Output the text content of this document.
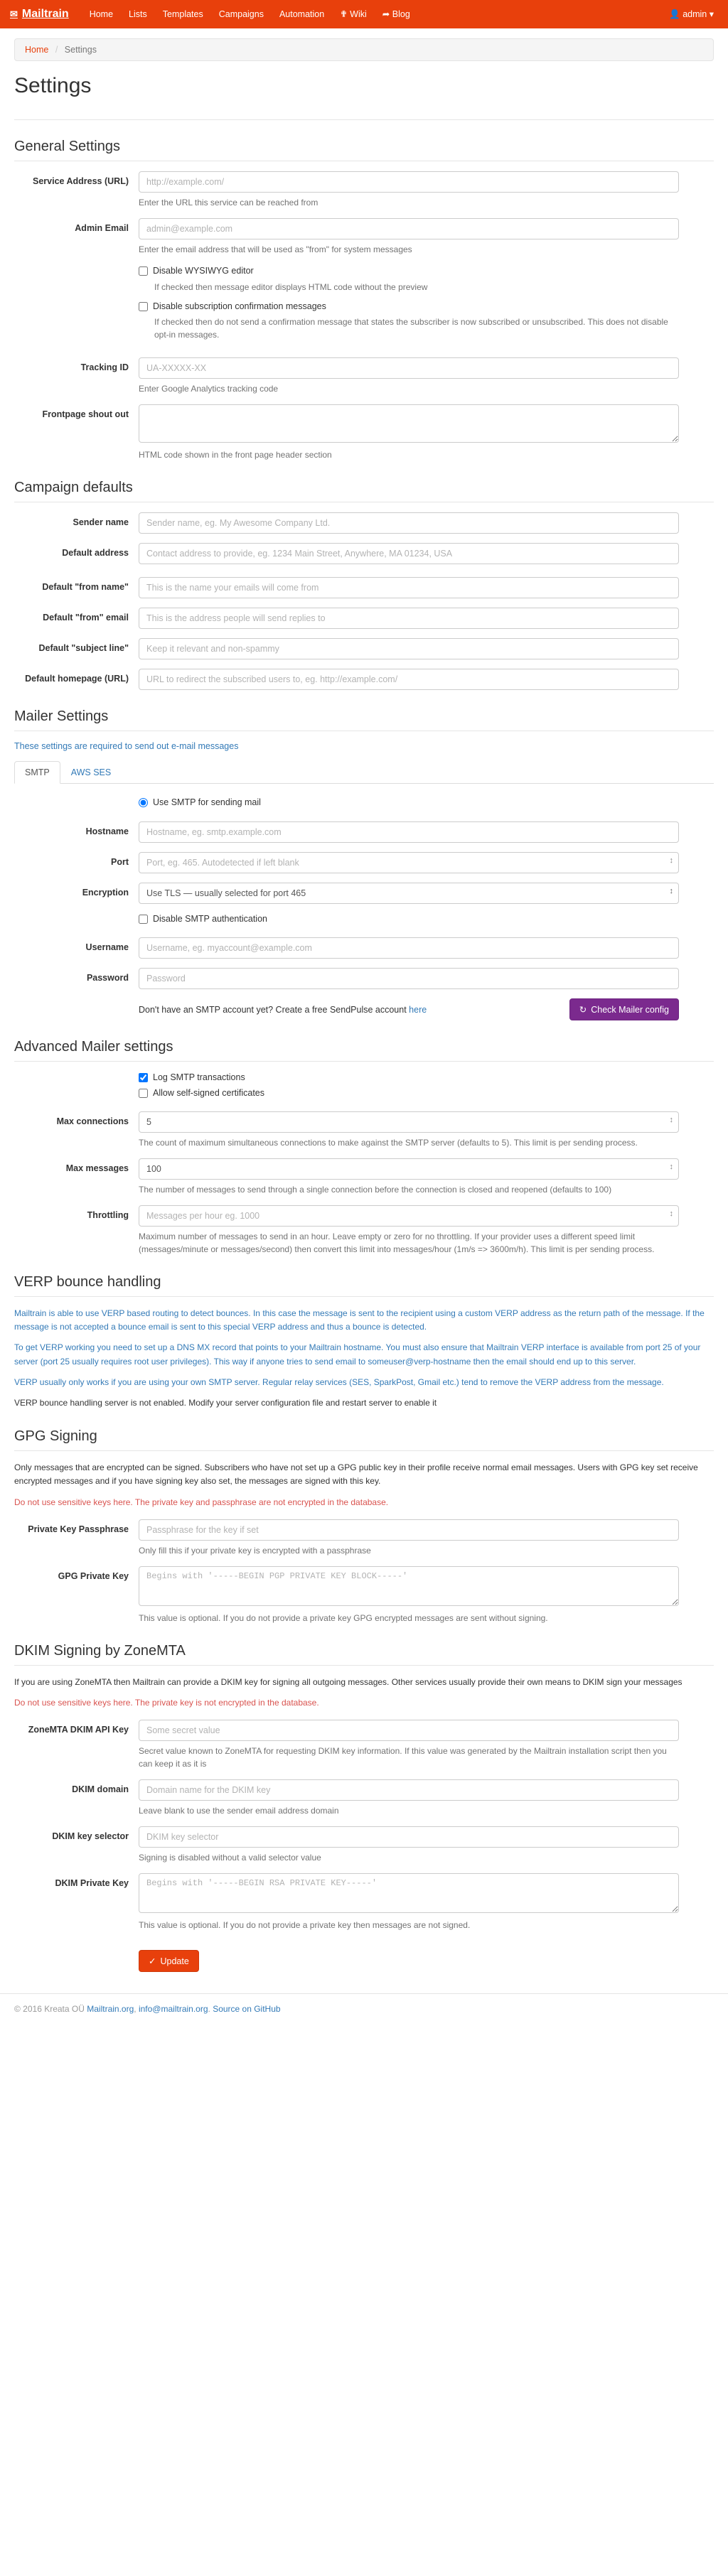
✉ Mailtrain	Home	Lists	Templates	Campaigns	Automation	✟ Wiki	➦ Blog	👤 admin ▾
Home / Settings
Settings
General Settings
Service Address (URL)
http://example.com/
Enter the URL this service can be reached from
Admin Email
admin@example.com
Enter the email address that will be used as "from" for system messages
Disable WYSIWYG editor
If checked then message editor displays HTML code without the preview
Disable subscription confirmation messages
If checked then do not send a confirmation message that states the subscriber is now subscribed or unsubscribed. This does not disable opt-in messages.
Tracking ID
UA-XXXXX-XX
Enter Google Analytics tracking code
Frontpage shout out
HTML code shown in the front page header section
Campaign defaults
Sender name
Sender name, eg. My Awesome Company Ltd.
Default address
Contact address to provide, eg. 1234 Main Street, Anywhere, MA 01234, USA
Default "from name"
This is the name your emails will come from
Default "from" email
This is the address people will send replies to
Default "subject line"
Keep it relevant and non-spammy
Default homepage (URL)
URL to redirect the subscribed users to, eg. http://example.com/
Mailer Settings
These settings are required to send out e-mail messages
SMTP	AWS SES
Use SMTP for sending mail
Hostname
Hostname, eg. smtp.example.com
Port
Port, eg. 465. Autodetected if left blank ↕
Encryption
Use TLS — usually selected for port 465 ↕
Disable SMTP authentication
Username
Username, eg. myaccount@example.com
Password
Don't have an SMTP account yet? Create a free SendPulse account here	↻ Check Mailer config
Advanced Mailer settings
Log SMTP transactions
Allow self-signed certificates
Max connections
5 ↕
The count of maximum simultaneous connections to make against the SMTP server (defaults to 5). This limit is per sending process.
Max messages
100 ↕
The number of messages to send through a single connection before the connection is closed and reopened (defaults to 100)
Throttling
Messages per hour eg. 1000 ↕
Maximum number of messages to send in an hour. Leave empty or zero for no throttling. If your provider uses a different speed limit (messages/minute or messages/second) then convert this limit into messages/hour (1m/s => 3600m/h). This limit is per sending process.
VERP bounce handling

Mailtrain is able to use VERP based routing to detect bounces. In this case the message is sent to the recipient using a custom VERP address as the return path of the message. If the message is not accepted a bounce email is sent to this special VERP address and thus a bounce is detected.

To get VERP working you need to set up a DNS MX record that points to your Mailtrain hostname. You must also ensure that Mailtrain VERP interface is available from port 25 of your server (port 25 usually requires root user privileges). This way if anyone tries to send email to someuser@verp-hostname then the email should end up to this server.

VERP usually only works if you are using your own SMTP server. Regular relay services (SES, SparkPost, Gmail etc.) tend to remove the VERP address from the message.

VERP bounce handling server is not enabled. Modify your server configuration file and restart server to enable it

GPG Signing

Only messages that are encrypted can be signed. Subscribers who have not set up a GPG public key in their profile receive normal email messages. Users with GPG key set receive encrypted messages and if you have signing key also set, the messages are signed with this key.

Do not use sensitive keys here. The private key and passphrase are not encrypted in the database.

Private Key Passphrase
Passphrase for the key if set
Only fill this if your private key is encrypted with a passphrase
GPG Private Key
Begins with '-----BEGIN PGP PRIVATE KEY BLOCK-----'
This value is optional. If you do not provide a private key GPG encrypted messages are sent without signing.
DKIM Signing by ZoneMTA

If you are using ZoneMTA then Mailtrain can provide a DKIM key for signing all outgoing messages. Other services usually provide their own means to DKIM sign your messages

Do not use sensitive keys here. The private key is not encrypted in the database.

ZoneMTA DKIM API Key
Some secret value
Secret value known to ZoneMTA for requesting DKIM key information. If this value was generated by the Mailtrain installation script then you can keep it as it is
DKIM domain
Domain name for the DKIM key
Leave blank to use the sender email address domain
DKIM key selector
DKIM key selector
Signing is disabled without a valid selector value
DKIM Private Key
Begins with '-----BEGIN RSA PRIVATE KEY-----'
This value is optional. If you do not provide a private key then messages are not signed.
✓ Update
© 2016 Kreata OÜ Mailtrain.org, info@mailtrain.org. Source on GitHub
